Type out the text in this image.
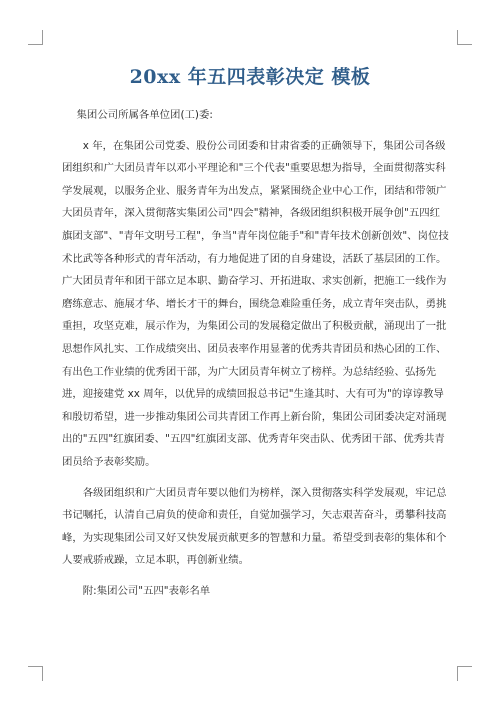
20xx 年五四表彰决定 模板

集团公司所属各单位团(工)委:

x 年，在集团公司党委、股份公司团委和甘肃省委的正确领导下，集团公司各级团组织和广大团员青年以邓小平理论和"三个代表"重要思想为指导，全面贯彻落实科学发展观，以服务企业、服务青年为出发点，紧紧围绕企业中心工作，团结和带领广大团员青年，深入贯彻落实集团公司"四会"精神，各级团组织积极开展争创"五四红旗团支部"、"青年文明号工程"，争当"青年岗位能手"和"青年技术创新创效"、岗位技术比武等各种形式的青年活动，有力地促进了团的自身建设，活跃了基层团的工作。广大团员青年和团干部立足本职、勤奋学习、开拓进取、求实创新，把施工一线作为磨练意志、施展才华、增长才干的舞台，围绕急难险重任务，成立青年突击队，勇挑重担，攻坚克难，展示作为，为集团公司的发展稳定做出了积极贡献，涌现出了一批思想作风扎实、工作成绩突出、团员表率作用显著的优秀共青团员和热心团的工作、有出色工作业绩的优秀团干部，为广大团员青年树立了榜样。为总结经验、弘扬先进，迎接建党 xx 周年，以优异的成绩回报总书记"生逢其时、大有可为"的谆谆教导和殷切希望，进一步推动集团公司共青团工作再上新台阶，集团公司团委决定对涌现出的"五四"红旗团委、"五四"红旗团支部、优秀青年突击队、优秀团干部、优秀共青团员给予表彰奖励。

各级团组织和广大团员青年要以他们为榜样，深入贯彻落实科学发展观，牢记总书记嘱托，认清自己肩负的使命和责任，自觉加强学习，矢志艰苦奋斗，勇攀科技高峰，为实现集团公司又好又快发展贡献更多的智慧和力量。希望受到表彰的集体和个人要戒骄戒躁，立足本职，再创新业绩。

附:集团公司"五四"表彰名单
